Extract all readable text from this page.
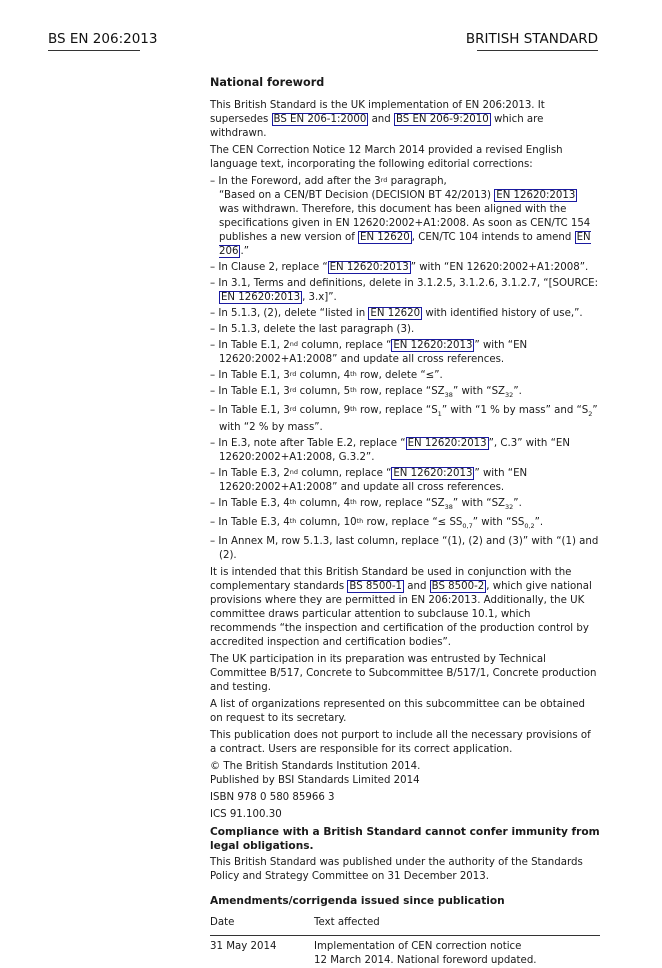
BS EN 206:2013	BRITISH STANDARD
National foreword

This British Standard is the UK implementation of EN 206:2013. It supersedes BS EN 206-1:2000 and BS EN 206-9:2010 which are withdrawn.

The CEN Correction Notice 12 March 2014 provided a revised English language text, incorporating the following editorial corrections:

– In the Foreword, add after the 3rd paragraph,
“Based on a CEN/BT Decision (DECISION BT 42/2013) EN 12620:2013 was withdrawn. Therefore, this document has been aligned with the specifications given in EN 12620:2002+A1:2008. As soon as CEN/TC 154 publishes a new version of EN 12620 , CEN/TC 104 intends to amend EN 206 .”
– In Clause 2, replace “ EN 12620:2013 ” with “EN 12620:2002+A1:2008”.
– In 3.1, Terms and definitions, delete in 3.1.2.5, 3.1.2.6, 3.1.2.7, “[SOURCE: EN 12620:2013 , 3.x]”.
– In 5.1.3, (2), delete “listed in EN 12620 with identified history of use,”.
– In 5.1.3, delete the last paragraph (3).
– In Table E.1, 2nd column, replace “ EN 12620:2013 ” with “EN 12620:2002+A1:2008” and update all cross references.
– In Table E.1, 3rd column, 4th row, delete “≤”.
– In Table E.1, 3rd column, 5th row, replace “$SZ_{38}$” with “$SZ_{32}$”.
– In Table E.1, 3rd column, 9th row, replace “$S_1$” with “1 % by mass” and “$S_2$” with “2 % by mass”.
– In E.3, note after Table E.2, replace “ EN 12620:2013 ”, C.3” with “EN 12620:2002+A1:2008, G.3.2”.
– In Table E.3, 2nd column, replace “ EN 12620:2013 ” with “EN 12620:2002+A1:2008” and update all cross references.
– In Table E.3, 4th column, 4th row, replace “$SZ_{38}$” with “$SZ_{32}$”.
– In Table E.3, 4th column, 10th row, replace “≤ $SS_{0,7}$” with “$SS_{0,2}$”.
– In Annex M, row 5.1.3, last column, replace “(1), (2) and (3)” with “(1) and (2).

It is intended that this British Standard be used in conjunction with the complementary standards BS 8500-1 and BS 8500-2 , which give national provisions where they are permitted in EN 206:2013. Additionally, the UK committee draws particular attention to subclause 10.1, which recommends “the inspection and certification of the production control by accredited inspection and certification bodies”.

The UK participation in its preparation was entrusted by Technical Committee B/517, Concrete to Subcommittee B/517/1, Concrete production and testing.

A list of organizations represented on this subcommittee can be obtained on request to its secretary.

This publication does not purport to include all the necessary provisions of a contract. Users are responsible for its correct application.

© The British Standards Institution 2014.

Published by BSI Standards Limited 2014

ISBN 978 0 580 85966 3

ICS 91.100.30

Compliance with a British Standard cannot confer immunity from legal obligations.

This British Standard was published under the authority of the Standards Policy and Strategy Committee on 31 December 2013.

Amendments/corrigenda issued since publication

Date	Text affected
31 May 2014	Implementation of CEN correction notice
12 March 2014. National foreword updated.
